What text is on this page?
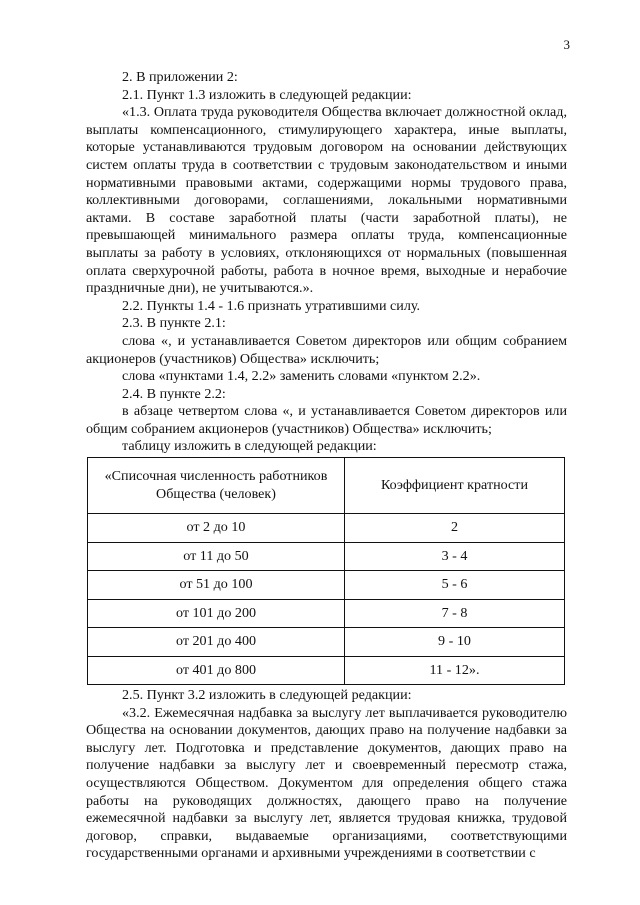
3

2. В приложении 2:

2.1. Пункт 1.3 изложить в следующей редакции:

«1.3. Оплата труда руководителя Общества включает должностной оклад, выплаты компенсационного, стимулирующего характера, иные выплаты, которые устанавливаются трудовым договором на основании действующих систем оплаты труда в соответствии с трудовым законодательством и иными нормативными правовыми актами, содержащими нормы трудового права, коллективными договорами, соглашениями, локальными нормативными актами. В составе заработной платы (части заработной платы), не превышающей минимального размера оплаты труда, компенсационные выплаты за работу в условиях, отклоняющихся от нормальных (повышенная оплата сверхурочной работы, работа в ночное время, выходные и нерабочие праздничные дни), не учитываются.».

2.2. Пункты 1.4 - 1.6 признать утратившими силу.

2.3. В пункте 2.1:

слова «, и устанавливается Советом директоров или общим собранием акционеров (участников) Общества» исключить;

слова «пунктами 1.4, 2.2» заменить словами «пунктом 2.2».

2.4. В пункте 2.2:

в абзаце четвертом слова «, и устанавливается Советом директоров или общим собранием акционеров (участников) Общества» исключить;

таблицу изложить в следующей редакции:

«Списочная численность работников Общества (человек)	Коэффициент кратности
от 2 до 10	2
от 11 до 50	3 - 4
от 51 до 100	5 - 6
от 101 до 200	7 - 8
от 201 до 400	9 - 10
от 401 до 800	11 - 12».

2.5. Пункт 3.2 изложить в следующей редакции:

«3.2. Ежемесячная надбавка за выслугу лет выплачивается руководителю Общества на основании документов, дающих право на получение надбавки за выслугу лет. Подготовка и представление документов, дающих право на получение надбавки за выслугу лет и своевременный пересмотр стажа, осуществляются Обществом. Документом для определения общего стажа работы на руководящих должностях, дающего право на получение ежемесячной надбавки за выслугу лет, является трудовая книжка, трудовой договор, справки, выдаваемые организациями, соответствующими государственными органами и архивными учреждениями в соответствии с
